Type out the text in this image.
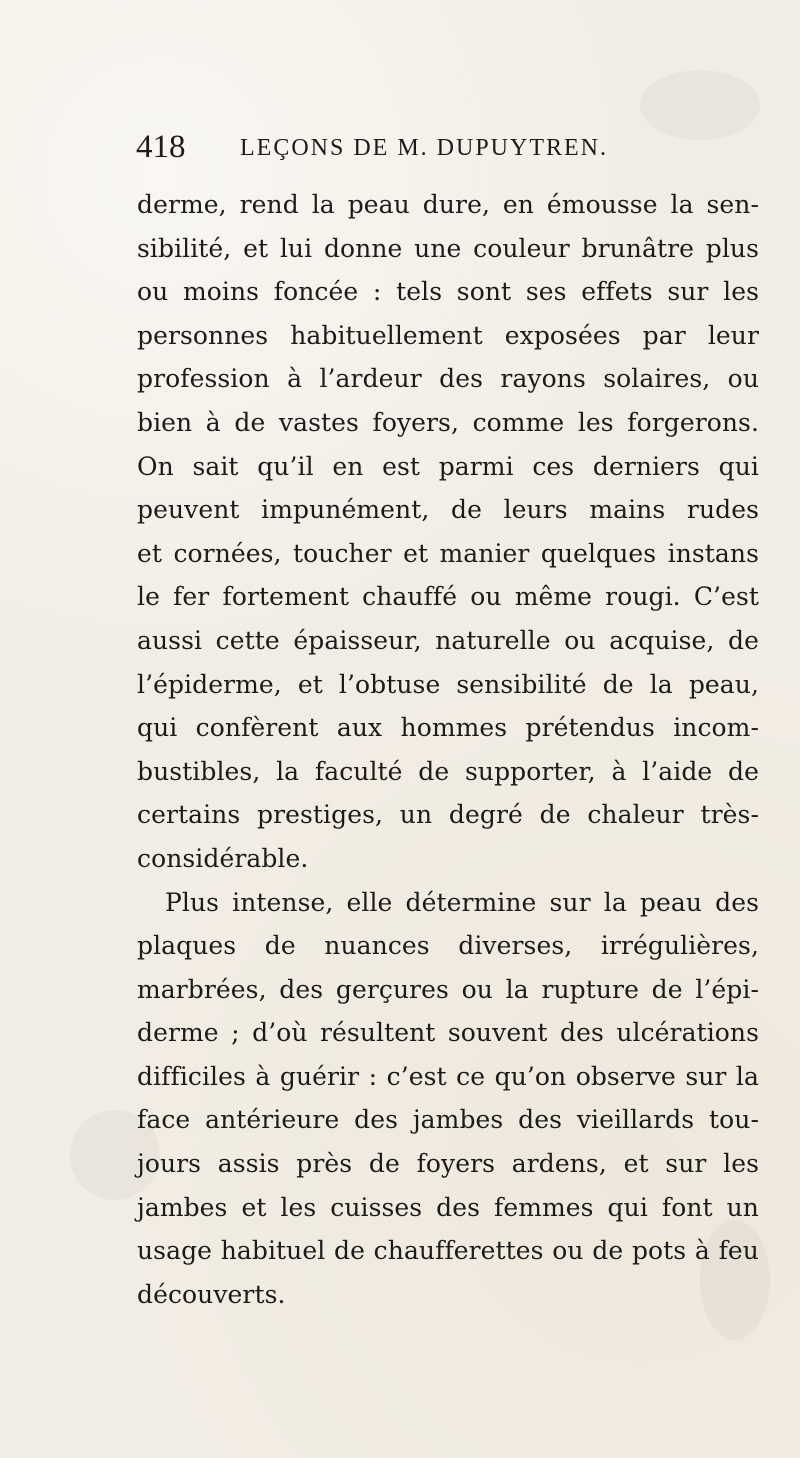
418 LEÇONS DE M. DUPUYTREN.
derme, rend la peau dure, en émousse la sen-
sibilité, et lui donne une couleur brunâtre plus
ou moins foncée : tels sont ses effets sur les
personnes habituellement exposées par leur
profession à l’ardeur des rayons solaires, ou
bien à de vastes foyers, comme les forgerons.
On sait qu’il en est parmi ces derniers qui
peuvent impunément, de leurs mains rudes
et cornées, toucher et manier quelques instans
le fer fortement chauffé ou même rougi. C’est
aussi cette épaisseur, naturelle ou acquise, de
l’épiderme, et l’obtuse sensibilité de la peau,
qui confèrent aux hommes prétendus incom-
bustibles, la faculté de supporter, à l’aide de
certains prestiges, un degré de chaleur très-
considérable.
Plus intense, elle détermine sur la peau des
plaques de nuances diverses, irrégulières,
marbrées, des gerçures ou la rupture de l’épi-
derme ; d’où résultent souvent des ulcérations
difficiles à guérir : c’est ce qu’on observe sur la
face antérieure des jambes des vieillards tou-
jours assis près de foyers ardens, et sur les
jambes et les cuisses des femmes qui font un
usage habituel de chaufferettes ou de pots à feu
découverts.
